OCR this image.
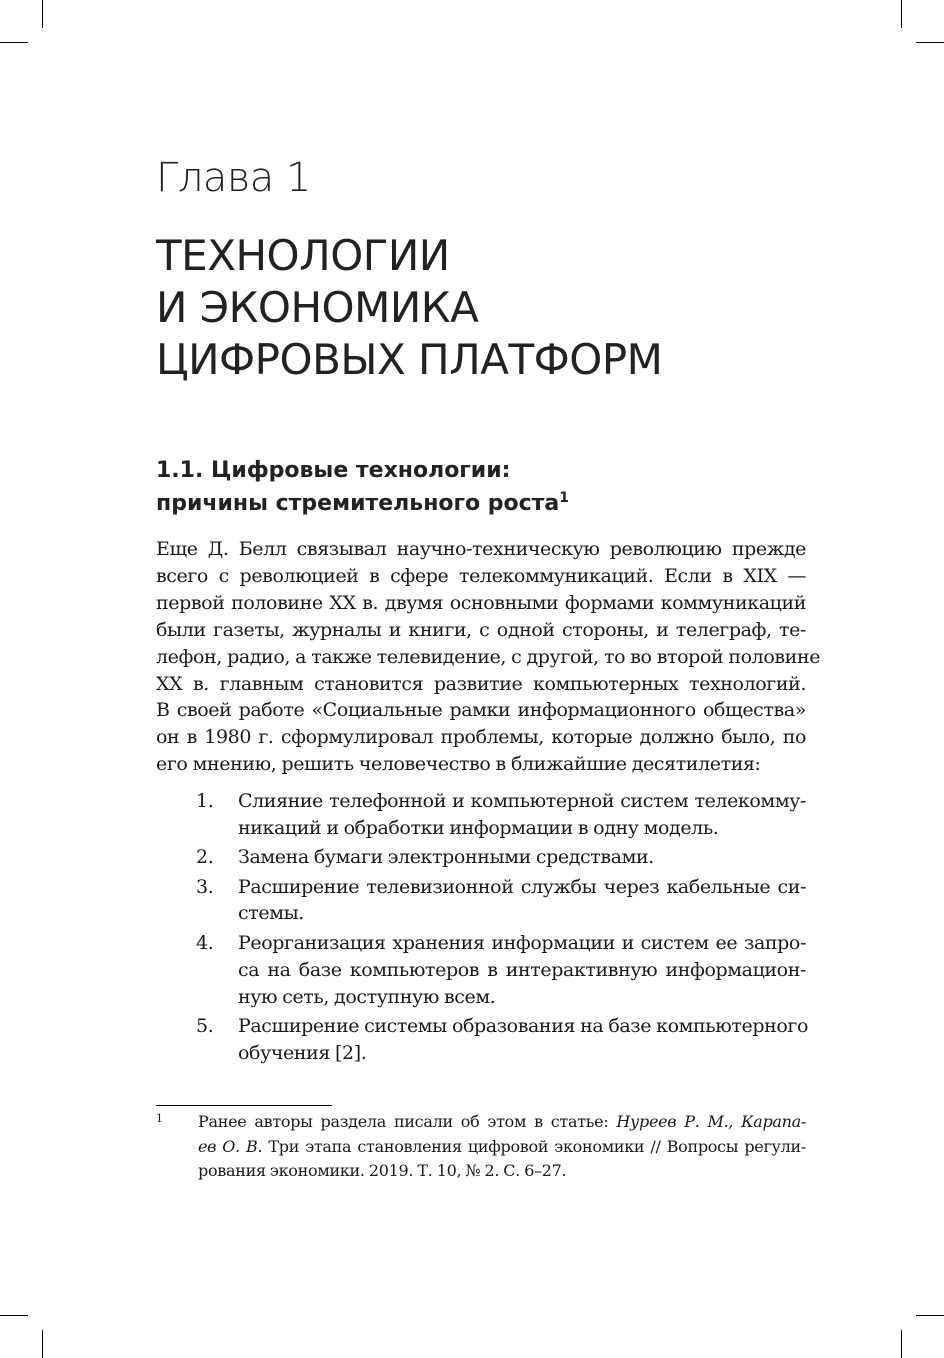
Глава 1
ТЕХНОЛОГИИ
И ЭКОНОМИКА
ЦИФРОВЫХ ПЛАТФОРМ
1.1. Цифровые технологии:
причины стремительного роста$^1$

Еще Д. Белл связывал научно-техническую революцию прежде
всего с революцией в сфере телекоммуникаций. Если в XIX —
первой половине XX в. двумя основными формами коммуникаций
были газеты, журналы и книги, с одной стороны, и телеграф, те-
лефон, радио, а также телевидение, с другой, то во второй половине
XX в. главным становится развитие компьютерных технологий.
В своей работе «Социальные рамки информационного общества»
он в 1980 г. сформулировал проблемы, которые должно было, по
его мнению, решить человечество в ближайшие десятилетия:

1. Слияние телефонной и компьютерной систем телекомму-
никаций и обработки информации в одну модель.
2. Замена бумаги электронными средствами.
3. Расширение телевизионной службы через кабельные си-
стемы.
4. Реорганизация хранения информации и систем ее запро-
са на базе компьютеров в интерактивную информацион-
ную сеть, доступную всем.
5. Расширение системы образования на базе компьютерного
обучения [2].
1 Ранее авторы раздела писали об этом в статье: Нуреев Р. М., Карапа-
ев О. В. Три этапа становления цифровой экономики // Вопросы регули-
рования экономики. 2019. Т. 10, № 2. С. 6–27.
